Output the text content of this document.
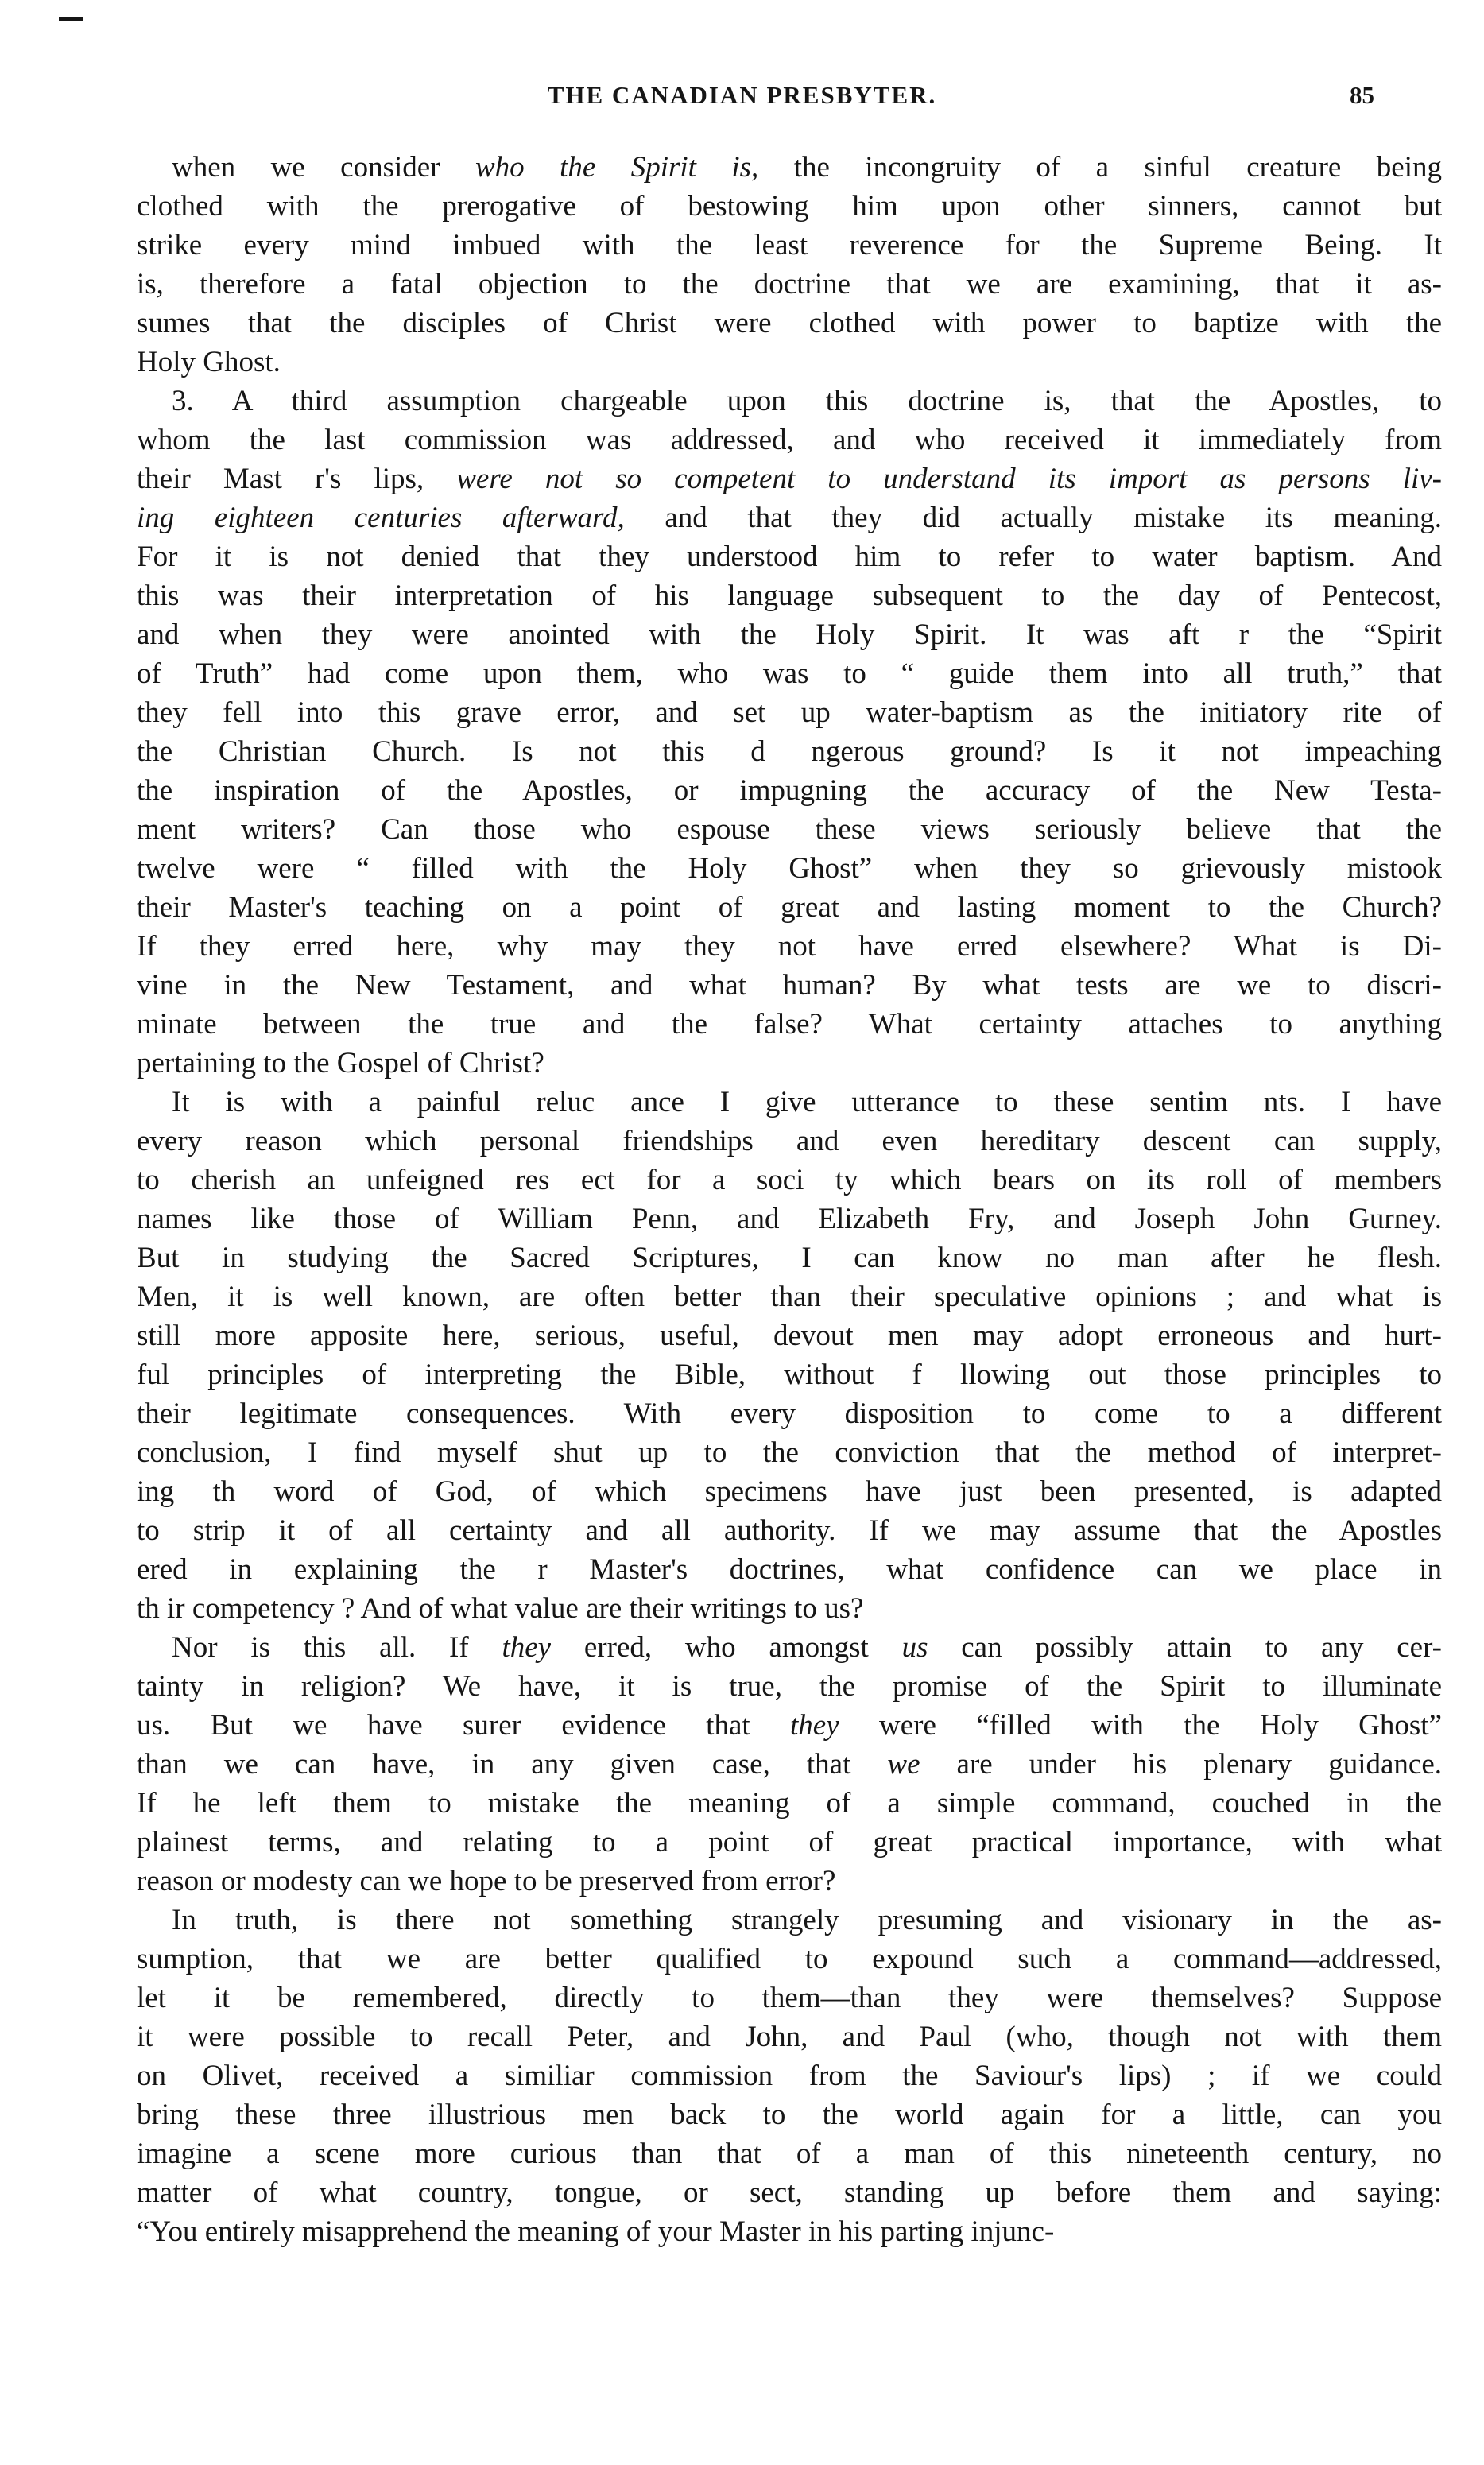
THE CANADIAN PRESBYTER.	85
when we consider who the Spirit is, the incongruity of a sinful creature being
clothed with the prerogative of bestowing him upon other sinners, cannot but
strike every mind imbued with the least reverence for the Supreme Being. It
is, therefore a fatal objection to the doctrine that we are examining, that it as-
sumes that the disciples of Christ were clothed with power to baptize with the
Holy Ghost.
3. A third assumption chargeable upon this doctrine is, that the Apostles, to
whom the last commission was addressed, and who received it immediately from
their Mast r's lips, were not so competent to understand its import as persons liv-
ing eighteen centuries afterward, and that they did actually mistake its meaning.
For it is not denied that they understood him to refer to water baptism. And
this was their interpretation of his language subsequent to the day of Pentecost,
and when they were anointed with the Holy Spirit. It was aft r the “Spirit
of Truth” had come upon them, who was to “ guide them into all truth,” that
they fell into this grave error, and set up water-baptism as the initiatory rite of
the Christian Church. Is not this d ngerous ground? Is it not impeaching
the inspiration of the Apostles, or impugning the accuracy of the New Testa-
ment writers? Can those who espouse these views seriously believe that the
twelve were “ filled with the Holy Ghost” when they so grievously mistook
their Master's teaching on a point of great and lasting moment to the Church?
If they erred here, why may they not have erred elsewhere? What is Di-
vine in the New Testament, and what human? By what tests are we to discri-
minate between the true and the false? What certainty attaches to anything
pertaining to the Gospel of Christ?
It is with a painful reluc ance I give utterance to these sentim nts. I have
every reason which personal friendships and even hereditary descent can supply,
to cherish an unfeigned res ect for a soci ty which bears on its roll of members
names like those of William Penn, and Elizabeth Fry, and Joseph John Gurney.
But in studying the Sacred Scriptures, I can know no man after he flesh.
Men, it is well known, are often better than their speculative opinions ; and what is
still more apposite here, serious, useful, devout men may adopt erroneous and hurt-
ful principles of interpreting the Bible, without f llowing out those principles to
their legitimate consequences. With every disposition to come to a different
conclusion, I find myself shut up to the conviction that the method of interpret-
ing th word of God, of which specimens have just been presented, is adapted
to strip it of all certainty and all authority. If we may assume that the Apostles
ered in explaining the r Master's doctrines, what confidence can we place in
th ir competency ? And of what value are their writings to us?
Nor is this all. If they erred, who amongst us can possibly attain to any cer-
tainty in religion? We have, it is true, the promise of the Spirit to illuminate
us. But we have surer evidence that they were “filled with the Holy Ghost”
than we can have, in any given case, that we are under his plenary guidance.
If he left them to mistake the meaning of a simple command, couched in the
plainest terms, and relating to a point of great practical importance, with what
reason or modesty can we hope to be preserved from error?
In truth, is there not something strangely presuming and visionary in the as-
sumption, that we are better qualified to expound such a command—addressed,
let it be remembered, directly to them—than they were themselves? Suppose
it were possible to recall Peter, and John, and Paul (who, though not with them
on Olivet, received a similiar commission from the Saviour's lips) ; if we could
bring these three illustrious men back to the world again for a little, can you
imagine a scene more curious than that of a man of this nineteenth century, no
matter of what country, tongue, or sect, standing up before them and saying:
“You entirely misapprehend the meaning of your Master in his parting injunc-
